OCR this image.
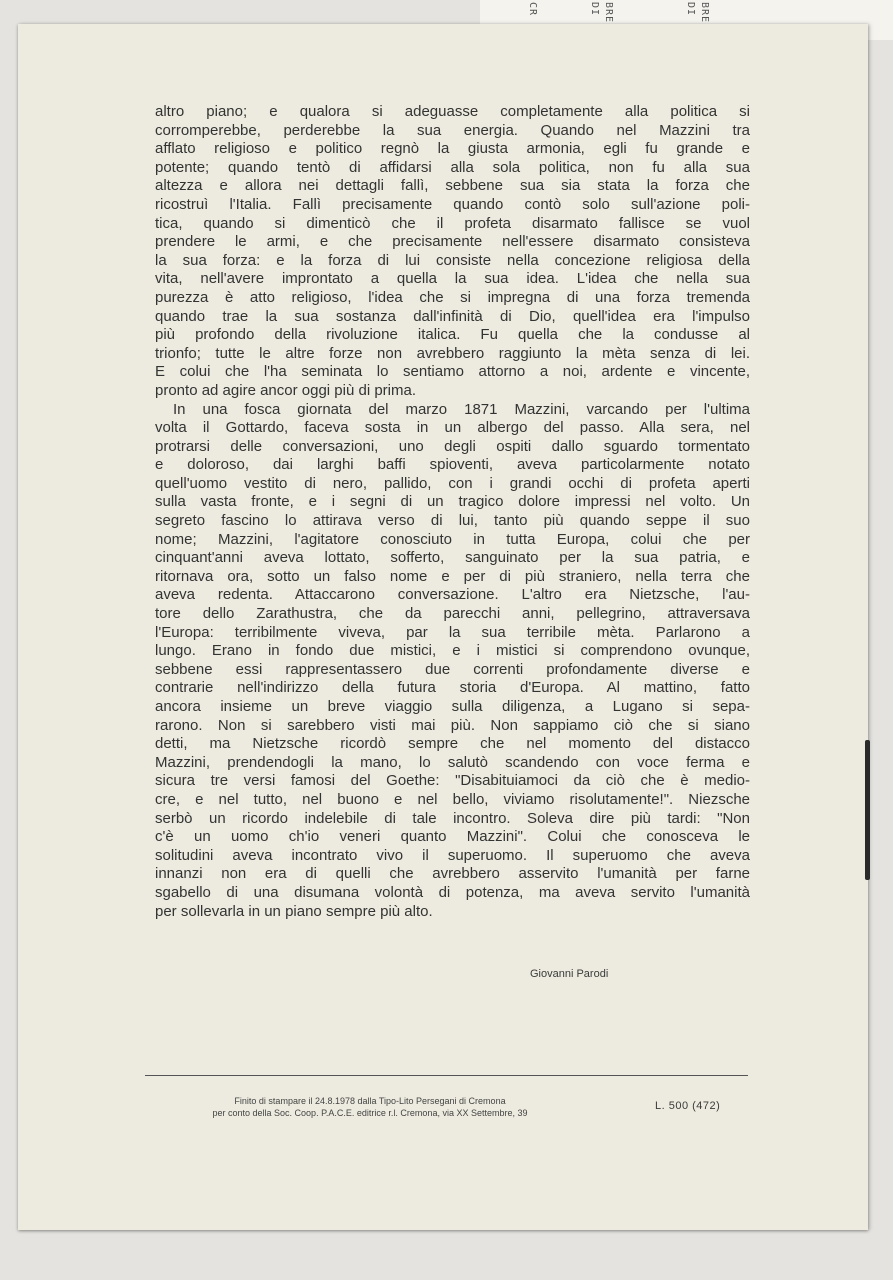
CR	DI BRE	DI BRE
altro piano; e qualora si adeguasse completamente alla politica si
corromperebbe, perderebbe la sua energia. Quando nel Mazzini tra
afflato religioso e politico regnò la giusta armonia, egli fu grande e
potente; quando tentò di affidarsi alla sola politica, non fu alla sua
altezza e allora nei dettagli fallì, sebbene sua sia stata la forza che
ricostruì l'Italia. Fallì precisamente quando contò solo sull'azione poli-
tica, quando si dimenticò che il profeta disarmato fallisce se vuol
prendere le armi, e che precisamente nell'essere disarmato consisteva
la sua forza: e la forza di lui consiste nella concezione religiosa della
vita, nell'avere improntato a quella la sua idea. L'idea che nella sua
purezza è atto religioso, l'idea che si impregna di una forza tremenda
quando trae la sua sostanza dall'infinità di Dio, quell'idea era l'impulso
più profondo della rivoluzione italica. Fu quella che la condusse al
trionfo; tutte le altre forze non avrebbero raggiunto la mèta senza di lei.
E colui che l'ha seminata lo sentiamo attorno a noi, ardente e vincente,
pronto ad agire ancor oggi più di prima.
In una fosca giornata del marzo 1871 Mazzini, varcando per l'ultima
volta il Gottardo, faceva sosta in un albergo del passo. Alla sera, nel
protrarsi delle conversazioni, uno degli ospiti dallo sguardo tormentato
e doloroso, dai larghi baffi spioventi, aveva particolarmente notato
quell'uomo vestito di nero, pallido, con i grandi occhi di profeta aperti
sulla vasta fronte, e i segni di un tragico dolore impressi nel volto. Un
segreto fascino lo attirava verso di lui, tanto più quando seppe il suo
nome; Mazzini, l'agitatore conosciuto in tutta Europa, colui che per
cinquant'anni aveva lottato, sofferto, sanguinato per la sua patria, e
ritornava ora, sotto un falso nome e per di più straniero, nella terra che
aveva redenta. Attaccarono conversazione. L'altro era Nietzsche, l'au-
tore dello Zarathustra, che da parecchi anni, pellegrino, attraversava
l'Europa: terribilmente viveva, par la sua terribile mèta. Parlarono a
lungo. Erano in fondo due mistici, e i mistici si comprendono ovunque,
sebbene essi rappresentassero due correnti profondamente diverse e
contrarie nell'indirizzo della futura storia d'Europa. Al mattino, fatto
ancora insieme un breve viaggio sulla diligenza, a Lugano si sepa-
rarono. Non si sarebbero visti mai più. Non sappiamo ciò che si siano
detti, ma Nietzsche ricordò sempre che nel momento del distacco
Mazzini, prendendogli la mano, lo salutò scandendo con voce ferma e
sicura tre versi famosi del Goethe: "Disabituiamoci da ciò che è medio-
cre, e nel tutto, nel buono e nel bello, viviamo risolutamente!". Niezsche
serbò un ricordo indelebile di tale incontro. Soleva dire più tardi: "Non
c'è un uomo ch'io veneri quanto Mazzini". Colui che conosceva le
solitudini aveva incontrato vivo il superuomo. Il superuomo che aveva
innanzi non era di quelli che avrebbero asservito l'umanità per farne
sgabello di una disumana volontà di potenza, ma aveva servito l'umanità
per sollevarla in un piano sempre più alto.
Giovanni Parodi
Finito di stampare il 24.8.1978 dalla Tipo-Lito Persegani di Cremona
per conto della Soc. Coop. P.A.C.E. editrice r.l. Cremona, via XX Settembre, 39
L. 500 (472)
